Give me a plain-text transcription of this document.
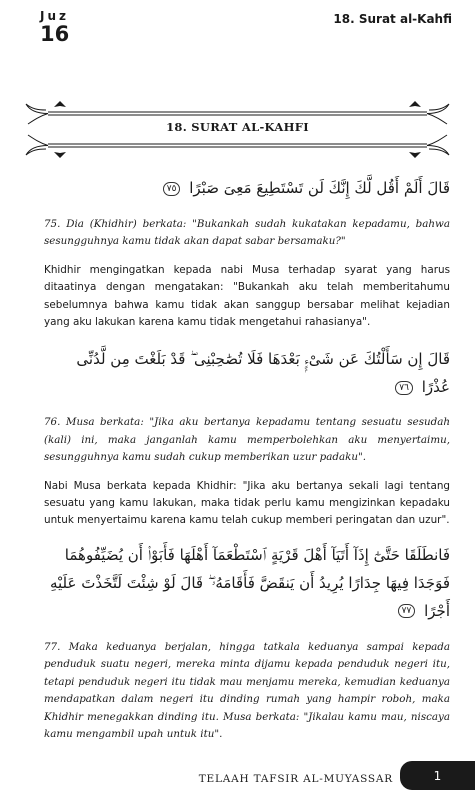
Juz
16
18. Surat al-Kahfi
18. SURAT AL-KAHFI
قَالَ أَلَمْ أَقُل لَّكَ إِنَّكَ لَن تَسْتَطِيعَ مَعِىَ صَبْرًا ٧٥

75. Dia (Khidhir) berkata: "Bukankah sudah kukatakan kepadamu, bahwa sesungguhnya kamu tidak akan dapat sabar bersamaku?"

Khidhir mengingatkan kepada nabi Musa terhadap syarat yang harus ditaatinya dengan mengatakan: "Bukankah aku telah memberitahumu sebelumnya bahwa kamu tidak akan sanggup bersabar melihat kejadian yang aku lakukan karena kamu tidak mengetahui rahasianya".

قَالَ إِن سَأَلْتُكَ عَن شَىْءٍۭ بَعْدَهَا فَلَا تُصَٰحِبْنِى ۖ قَدْ بَلَغْتَ مِن لَّدُنِّى عُذْرًا ٧٦

76. Musa berkata: "Jika aku bertanya kepadamu tentang sesuatu sesudah (kali) ini, maka janganlah kamu memperbolehkan aku menyertaimu, sesungguhnya kamu sudah cukup memberikan uzur padaku".

Nabi Musa berkata kepada Khidhir: "Jika aku bertanya sekali lagi tentang sesuatu yang kamu lakukan, maka tidak perlu kamu mengizinkan kepadaku untuk menyertaimu karena kamu telah cukup memberi peringatan dan uzur".

فَانطَلَقَا حَتَّىٰٓ إِذَآ أَتَيَآ أَهْلَ قَرْيَةٍ ٱسْتَطْعَمَآ أَهْلَهَا فَأَبَوْا۟ أَن يُضَيِّفُوهُمَا فَوَجَدَا فِيهَا جِدَارًا يُرِيدُ أَن يَنقَضَّ فَأَقَامَهُۥ ۖ قَالَ لَوْ شِئْتَ لَتَّخَذْتَ عَلَيْهِ أَجْرًا ٧٧

77. Maka keduanya berjalan, hingga tatkala keduanya sampai kepada penduduk suatu negeri, mereka minta dijamu kepada penduduk negeri itu, tetapi penduduk negeri itu tidak mau menjamu mereka, kemudian keduanya mendapatkan dalam negeri itu dinding rumah yang hampir roboh, maka Khidhir menegakkan dinding itu. Musa berkata: "Jikalau kamu mau, niscaya kamu mengambil upah untuk itu".

TELAAH TAFSIR AL-MUYASSAR	1
